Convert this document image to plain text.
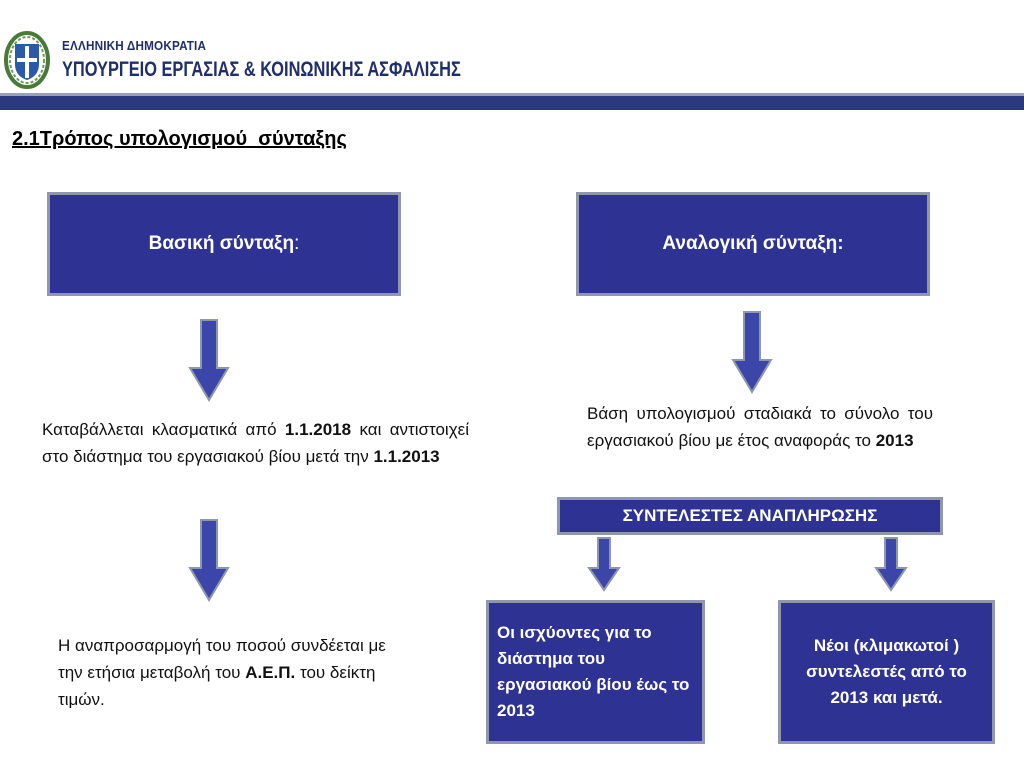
ΕΛΛΗΝΙΚΗ ΔΗΜΟΚΡΑΤΙΑ
ΥΠΟΥΡΓΕΙΟ ΕΡΓΑΣΙΑΣ & ΚΟΙΝΩΝΙΚΗΣ ΑΣΦΑΛΙΣΗΣ
2.1Τρόπος υπολογισμού  σύνταξης
Βασική σύνταξη :
Καταβάλλεται κλασματικά από 1.1.2018 και αντιστοιχεί στο διάστημα του εργασιακού βίου μετά την 1.1.2013
Η αναπροσαρμογή του ποσού συνδέεται με την ετήσια μεταβολή του Α.Ε.Π. του δείκτη τιμών.
Αναλογική σύνταξη:
Βάση υπολογισμού σταδιακά το σύνολο του εργασιακού βίου με έτος αναφοράς το 2013
ΣΥΝΤΕΛΕΣΤΕΣ ΑΝΑΠΛΗΡΩΣΗΣ
Οι ισχύοντες για το διάστημα του εργασιακού βίου έως το 2013
Νέοι (κλιμακωτοί ) συντελεστές από το 2013 και μετά.
